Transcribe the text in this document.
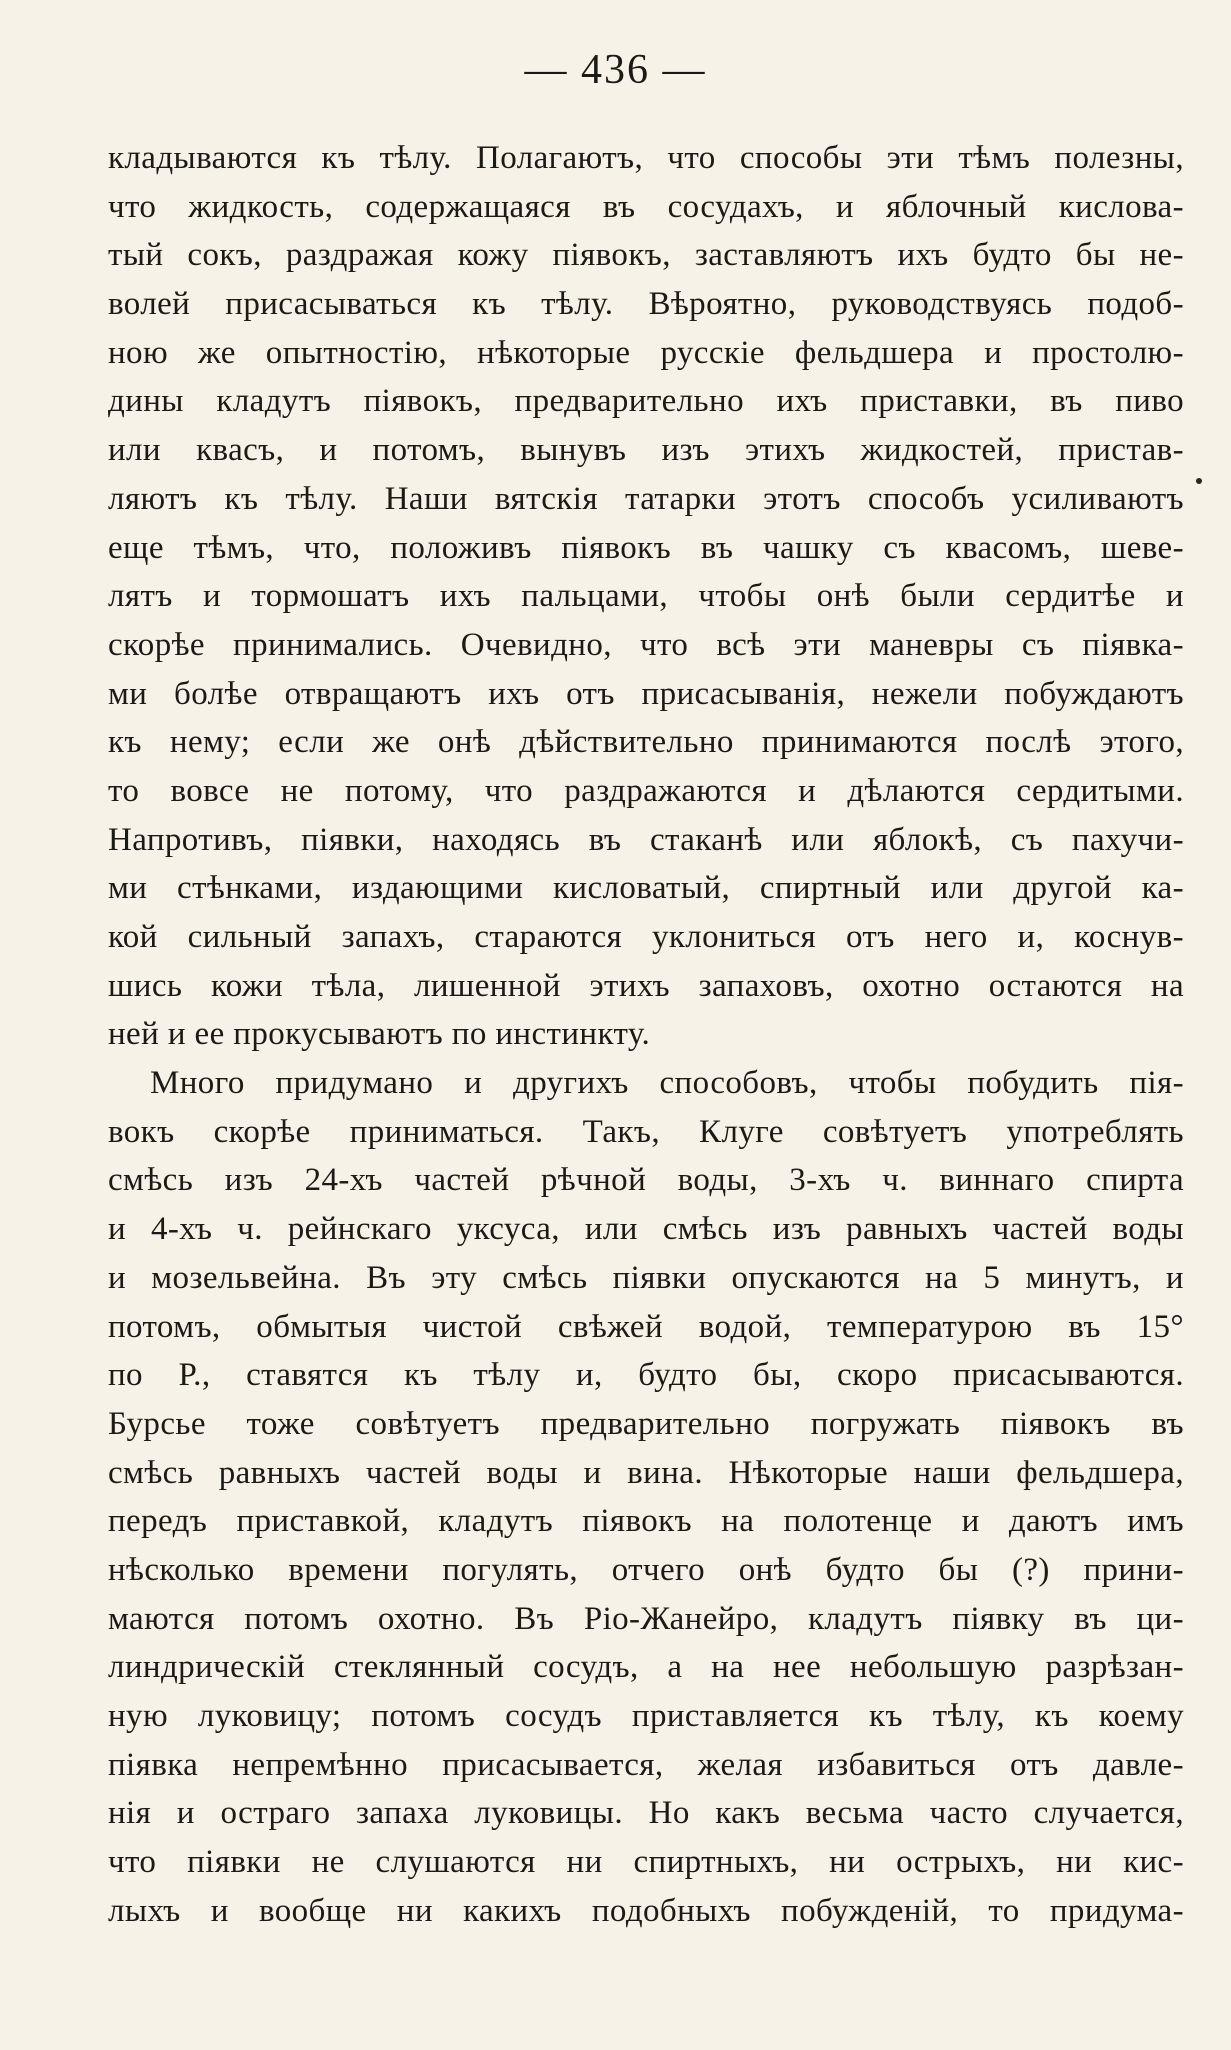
— 436 —
кладываются къ тѣлу. Полагаютъ, что способы эти тѣмъ полезны,
что жидкость, содержащаяся въ сосудахъ, и яблочный кислова-
тый сокъ, раздражая кожу піявокъ, заставляютъ ихъ будто бы не-
волей присасываться къ тѣлу. Вѣроятно, руководствуясь подоб-
ною же опытностію, нѣкоторые русскіе фельдшера и простолю-
дины кладутъ піявокъ, предварительно ихъ приставки, въ пиво
или квасъ, и потомъ, вынувъ изъ этихъ жидкостей, пристав-
ляютъ къ тѣлу. Наши вятскія татарки этотъ способъ усиливаютъ
еще тѣмъ, что, положивъ піявокъ въ чашку съ квасомъ, шеве-
лятъ и тормошатъ ихъ пальцами, чтобы онѣ были сердитѣе и
скорѣе принимались. Очевидно, что всѣ эти маневры съ піявка-
ми болѣе отвращаютъ ихъ отъ присасыванія, нежели побуждаютъ
къ нему; если же онѣ дѣйствительно принимаются послѣ этого,
то вовсе не потому, что раздражаются и дѣлаются сердитыми.
Напротивъ, піявки, находясь въ стаканѣ или яблокѣ, съ пахучи-
ми стѣнками, издающими кисловатый, спиртный или другой ка-
кой сильный запахъ, стараются уклониться отъ него и, коснув-
шись кожи тѣла, лишенной этихъ запаховъ, охотно остаются на
ней и ее прокусываютъ по инстинкту.
Много придумано и другихъ способовъ, чтобы побудить пія-
вокъ скорѣе приниматься. Такъ, Клуге совѣтуетъ употреблять
смѣсь изъ 24-хъ частей рѣчной воды, 3-хъ ч. виннаго спирта
и 4-хъ ч. рейнскаго уксуса, или смѣсь изъ равныхъ частей воды
и мозельвейна. Въ эту смѣсь піявки опускаются на 5 минутъ, и
потомъ, обмытыя чистой свѣжей водой, температурою въ 15°
по Р., ставятся къ тѣлу и, будто бы, скоро присасываются.
Бурсье тоже совѣтуетъ предварительно погружать піявокъ въ
смѣсь равныхъ частей воды и вина. Нѣкоторые наши фельдшера,
передъ приставкой, кладутъ піявокъ на полотенце и даютъ имъ
нѣсколько времени погулять, отчего онѣ будто бы (?) прини-
маются потомъ охотно. Въ Ріо-Жанейро, кладутъ піявку въ ци-
линдрическій стеклянный сосудъ, а на нее небольшую разрѣзан-
ную луковицу; потомъ сосудъ приставляется къ тѣлу, къ коему
піявка непремѣнно присасывается, желая избавиться отъ давле-
нія и остраго запаха луковицы. Но какъ весьма часто случается,
что піявки не слушаются ни спиртныхъ, ни острыхъ, ни кис-
лыхъ и вообще ни какихъ подобныхъ побужденій, то придума-
